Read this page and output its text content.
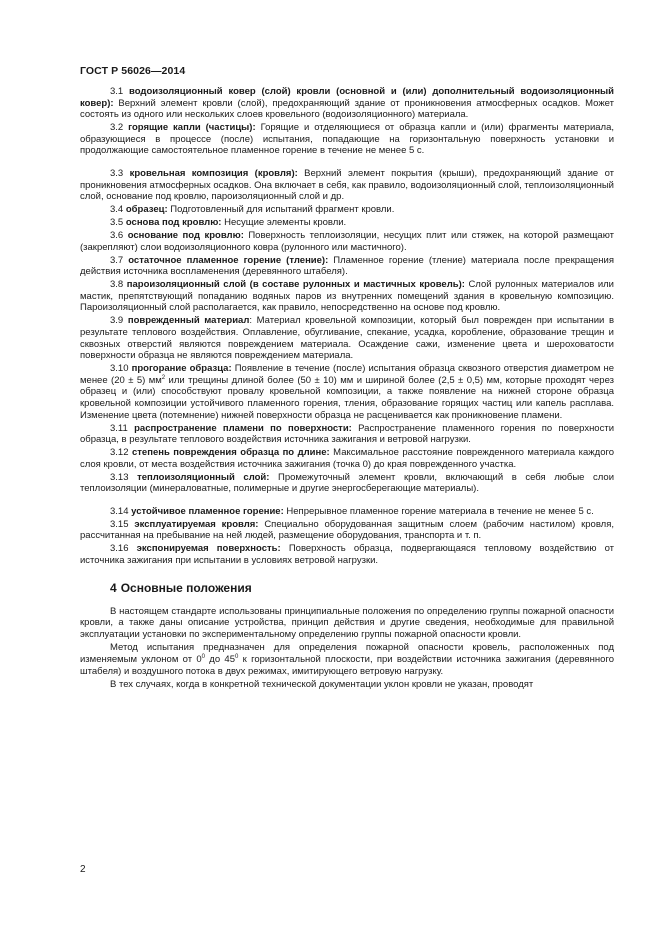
ГОСТ Р 56026—2014

3.1 водоизоляционный ковер (слой) кровли (основной и (или) дополнительный водоизоляционный ковер): Верхний элемент кровли (слой), предохраняющий здание от проникновения атмосферных осадков. Может состоять из одного или нескольких слоев кровельного (водоизоляционного) материала.

3.2 горящие капли (частицы): Горящие и отделяющиеся от образца капли и (или) фрагменты материала, образующиеся в процессе (после) испытания, попадающие на горизонтальную поверхность установки и продолжающие самостоятельное пламенное горение в течение не менее 5 с.

3.3 кровельная композиция (кровля): Верхний элемент покрытия (крыши), предохраняющий здание от проникновения атмосферных осадков. Она включает в себя, как правило, водоизоляционный слой, теплоизоляционный слой, основание под кровлю, пароизоляционный слой и др.

3.4 образец: Подготовленный для испытаний фрагмент кровли.

3.5 основа под кровлю: Несущие элементы кровли.

3.6 основание под кровлю: Поверхность теплоизоляции, несущих плит или стяжек, на которой размещают (закрепляют) слои водоизоляционного ковра (рулонного или мастичного).

3.7 остаточное пламенное горение (тление): Пламенное горение (тление) материала после прекращения действия источника воспламенения (деревянного штабеля).

3.8 пароизоляционный слой (в составе рулонных и мастичных кровель): Слой рулонных материалов или мастик, препятствующий попаданию водяных паров из внутренних помещений здания в кровельную композицию. Пароизоляционный слой располагается, как правило, непосредственно на основе под кровлю.

3.9 поврежденный материал: Материал кровельной композиции, который был поврежден при испытании в результате теплового воздействия. Оплавление, обугливание, спекание, усадка, коробление, образование трещин и сквозных отверстий являются повреждением материала. Осаждение сажи, изменение цвета и шероховатости поверхности образца не являются повреждением материала.

3.10 прогорание образца: Появление в течение (после) испытания образца сквозного отверстия диаметром не менее (20 ± 5) $мм^2$ или трещины длиной более (50 ± 10) мм и шириной более (2,5 ± 0,5) мм, которые проходят через образец и (или) способствуют провалу кровельной композиции, а также появление на нижней стороне образца кровельной композиции устойчивого пламенного горения, тления, образование горящих частиц или капель расплава. Изменение цвета (потемнение) нижней поверхности образца не расценивается как проникновение пламени.

3.11 распространение пламени по поверхности: Распространение пламенного горения по поверхности образца, в результате теплового воздействия источника зажигания и ветровой нагрузки.

3.12 степень повреждения образца по длине: Максимальное расстояние поврежденного материала каждого слоя кровли, от места воздействия источника зажигания (точка 0) до края поврежденного участка.

3.13 теплоизоляционный слой: Промежуточный элемент кровли, включающий в себя любые слои теплоизоляции (минераловатные, полимерные и другие энергосберегающие материалы).

3.14 устойчивое пламенное горение: Непрерывное пламенное горение материала в течение не менее 5 с.

3.15 эксплуатируемая кровля: Специально оборудованная защитным слоем (рабочим настилом) кровля, рассчитанная на пребывание на ней людей, размещение оборудования, транспорта и т. п.

3.16 экспонируемая поверхность: Поверхность образца, подвергающаяся тепловому воздействию от источника зажигания при испытании в условиях ветровой нагрузки.

4 Основные положения

В настоящем стандарте использованы принципиальные положения по определению группы пожарной опасности кровли, а также даны описание устройства, принцип действия и другие сведения, необходимые для правильной эксплуатации установки по экспериментальному определению группы пожарной опасности кровли.

Метод испытания предназначен для определения пожарной опасности кровель, расположенных под изменяемым уклоном от $0^0$ до $45^0$ к горизонтальной плоскости, при воздействии источника зажигания (деревянного штабеля) и воздушного потока в двух режимах, имитирующего ветровую нагрузку.

В тех случаях, когда в конкретной технической документации уклон кровли не указан, проводят

2
